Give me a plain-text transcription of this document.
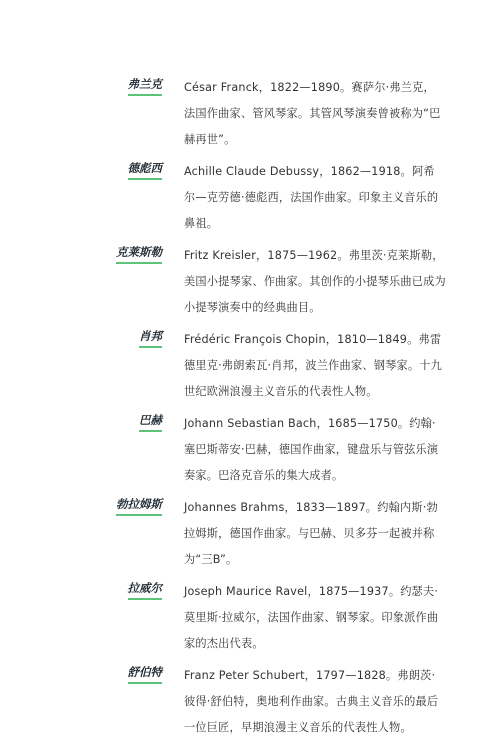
弗兰克 César Franck，1822—1890。赛萨尔·弗兰克，法国作曲家、管风琴家。其管风琴演奏曾被称为“巴赫再世”。
德彪西 Achille Claude Debussy，1862—1918。阿希尔—克劳德·德彪西，法国作曲家。印象主义音乐的鼻祖。
克莱斯勒 Fritz Kreisler，1875—1962。弗里茨·克莱斯勒，美国小提琴家、作曲家。其创作的小提琴乐曲已成为小提琴演奏中的经典曲目。
肖邦 Frédéric François Chopin，1810—1849。弗雷德里克·弗朗索瓦·肖邦，波兰作曲家、钢琴家。十九世纪欧洲浪漫主义音乐的代表性人物。
巴赫 Johann Sebastian Bach，1685—1750。约翰·塞巴斯蒂安·巴赫，德国作曲家，键盘乐与管弦乐演奏家。巴洛克音乐的集大成者。
勃拉姆斯 Johannes Brahms，1833—1897。约翰内斯·勃拉姆斯，德国作曲家。与巴赫、贝多芬一起被并称为“三B”。
拉威尔 Joseph Maurice Ravel，1875—1937。约瑟夫·莫里斯·拉威尔，法国作曲家、钢琴家。印象派作曲家的杰出代表。
舒伯特 Franz Peter Schubert，1797—1828。弗朗茨·彼得·舒伯特，奥地利作曲家。古典主义音乐的最后一位巨匠，早期浪漫主义音乐的代表性人物。
